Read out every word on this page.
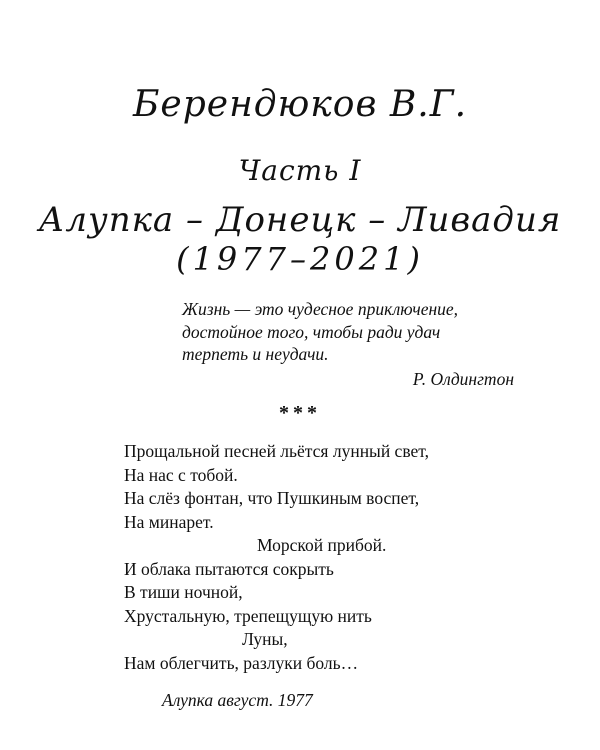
Берендюков В.Г.
Часть I
Алупка – Донецк – Ливадия
(1977–2021)
Жизнь — это чудесное приключение,
достойное того, чтобы ради удач
терпеть и неудачи.
Р. Олдингтон
***
Прощальной песней льётся лунный свет,
На нас с тобой.
На слёз фонтан, что Пушкиным воспет,
На минарет.
Морской прибой.
И облака пытаются сокрыть
В тиши ночной,
Хрустальную, трепещущую нить
Луны,
Нам облегчить, разлуки боль…
Алупка август. 1977
